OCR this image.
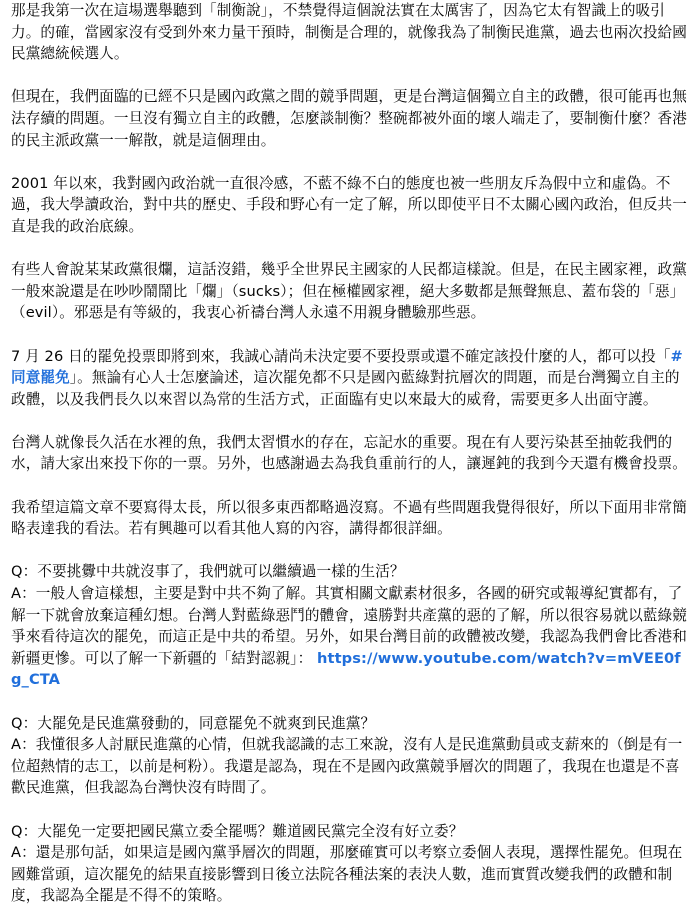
那是我第一次在這場選舉聽到「制衡說」，不禁覺得這個說法實在太厲害了，因為它太有智識上的吸引力。的確，當國家沒有受到外來力量干預時，制衡是合理的，就像我為了制衡民進黨，過去也兩次投給國民黨總統候選人。

但現在，我們面臨的已經不只是國內政黨之間的競爭問題，更是台灣這個獨立自主的政體，很可能再也無法存續的問題。一旦沒有獨立自主的政體，怎麼談制衡？整碗都被外面的壞人端走了，要制衡什麼？香港的民主派政黨一一解散，就是這個理由。

2001 年以來，我對國內政治就一直很冷感，不藍不綠不白的態度也被一些朋友斥為假中立和虛偽。不過，我大學讀政治，對中共的歷史、手段和野心有一定了解，所以即使平日不太關心國內政治，但反共一直是我的政治底線。

有些人會說某某政黨很爛，這話沒錯，幾乎全世界民主國家的人民都這樣說。但是，在民主國家裡，政黨一般來說還是在吵吵鬧鬧比「爛」（sucks）；但在極權國家裡，絕大多數都是無聲無息、蓋布袋的「惡」（evil）。邪惡是有等級的，我衷心祈禱台灣人永遠不用親身體驗那些惡。

7 月 26 日的罷免投票即將到來，我誠心請尚未決定要不要投票或還不確定該投什麼的人，都可以投「#同意罷免」。無論有心人士怎麼論述，這次罷免都不只是國內藍綠對抗層次的問題，而是台灣獨立自主的政體，以及我們長久以來習以為常的生活方式，正面臨有史以來最大的威脅，需要更多人出面守護。

台灣人就像長久活在水裡的魚，我們太習慣水的存在，忘記水的重要。現在有人要污染甚至抽乾我們的水，請大家出來投下你的一票。另外，也感謝過去為我負重前行的人，讓遲鈍的我到今天還有機會投票。

我希望這篇文章不要寫得太長，所以很多東西都略過沒寫。不過有些問題我覺得很好，所以下面用非常簡略表達我的看法。若有興趣可以看其他人寫的內容，講得都很詳細。

Q：不要挑釁中共就沒事了，我們就可以繼續過一樣的生活？

A：一般人會這樣想，主要是對中共不夠了解。其實相關文獻素材很多，各國的研究或報導紀實都有，了解一下就會放棄這種幻想。台灣人對藍綠惡鬥的體會，遠勝對共產黨的惡的了解，所以很容易就以藍綠競爭來看待這次的罷免，而這正是中共的希望。另外，如果台灣目前的政體被改變，我認為我們會比香港和新疆更慘。可以了解一下新疆的「結對認親」： https://www.youtube.com/watch?v=mVEE0fg_CTA

Q：大罷免是民進黨發動的，同意罷免不就爽到民進黨？

A：我懂很多人討厭民進黨的心情，但就我認識的志工來說，沒有人是民進黨動員或支薪來的（倒是有一位超熱情的志工，以前是柯粉）。我還是認為，現在不是國內政黨競爭層次的問題了，我現在也還是不喜歡民進黨，但我認為台灣快沒有時間了。

Q：大罷免一定要把國民黨立委全罷嗎？難道國民黨完全沒有好立委？

A：還是那句話，如果這是國內黨爭層次的問題，那麼確實可以考察立委個人表現，選擇性罷免。但現在國難當頭，這次罷免的結果直接影響到日後立法院各種法案的表決人數，進而實質改變我們的政體和制度，我認為全罷是不得不的策略。
